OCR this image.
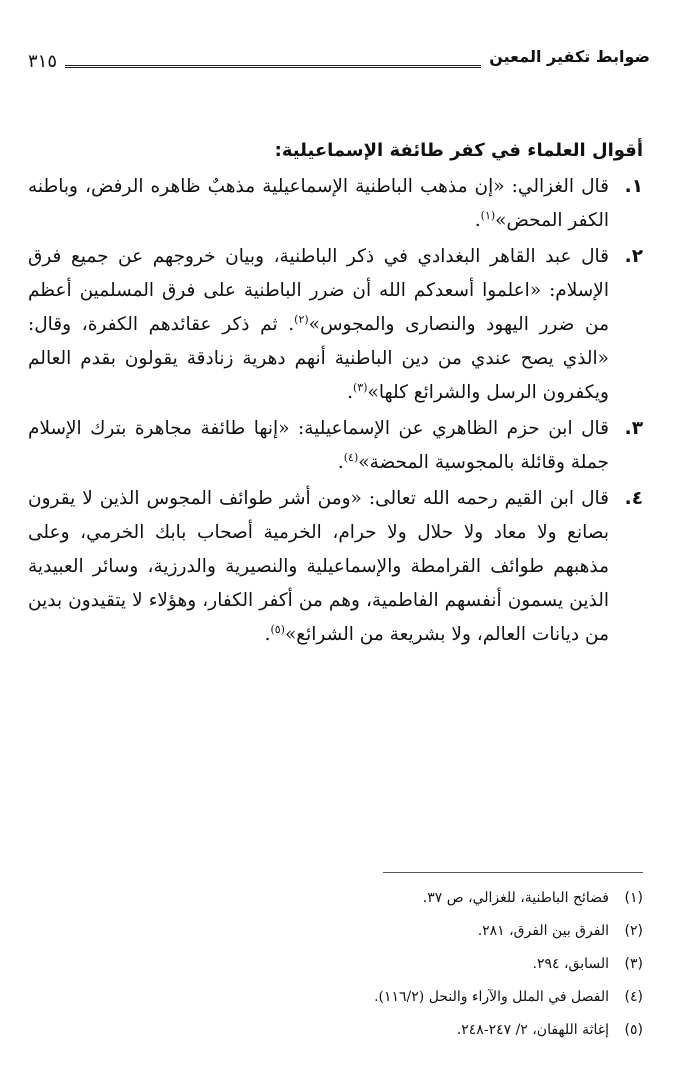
ضوابط تكفير المعين
٣١٥
أقوال العلماء في كفر طائفة الإسماعيلية:
١.
قال الغزالي: «إن مذهب الباطنية الإسماعيلية مذهبٌ ظاهره الرفض، وباطنه الكفر المحض»$^{(١)}$.
٢.
قال عبد القاهر البغدادي في ذكر الباطنية، وبيان خروجهم عن جميع فرق الإسلام: «اعلموا أسعدكم الله أن ضرر الباطنية على فرق المسلمين أعظم من ضرر اليهود والنصارى والمجوس»$^{(٢)}$. ثم ذكر عقائدهم الكفرة، وقال: «الذي يصح عندي من دين الباطنية أنهم دهرية زنادقة يقولون بقدم العالم ويكفرون الرسل والشرائع كلها»$^{(٣)}$.
٣.
قال ابن حزم الظاهري عن الإسماعيلية: «إنها طائفة مجاهرة بترك الإسلام جملة وقائلة بالمجوسية المحضة»$^{(٤)}$.
٤.
قال ابن القيم رحمه الله تعالى: «ومن أشر طوائف المجوس الذين لا يقرون بصانع ولا معاد ولا حلال ولا حرام، الخرمية أصحاب بابك الخرمي، وعلى مذهبهم طوائف القرامطة والإسماعيلية والنصيرية والدرزية، وسائر العبيدية الذين يسمون أنفسهم الفاطمية، وهم من أكفر الكفار، وهؤلاء لا يتقيدون بدين من ديانات العالم، ولا بشريعة من الشرائع»$^{(٥)}$.
(١)فضائح الباطنية، للغزالي، ص ٣٧.
(٢)الفرق بين الفرق، ٢٨١.
(٣)السابق، ٢٩٤.
(٤)الفصل في الملل والآراء والنحل (١١٦/٢).
(٥)إغاثة اللهفان، ٢/ ٢٤٧-٢٤٨.
